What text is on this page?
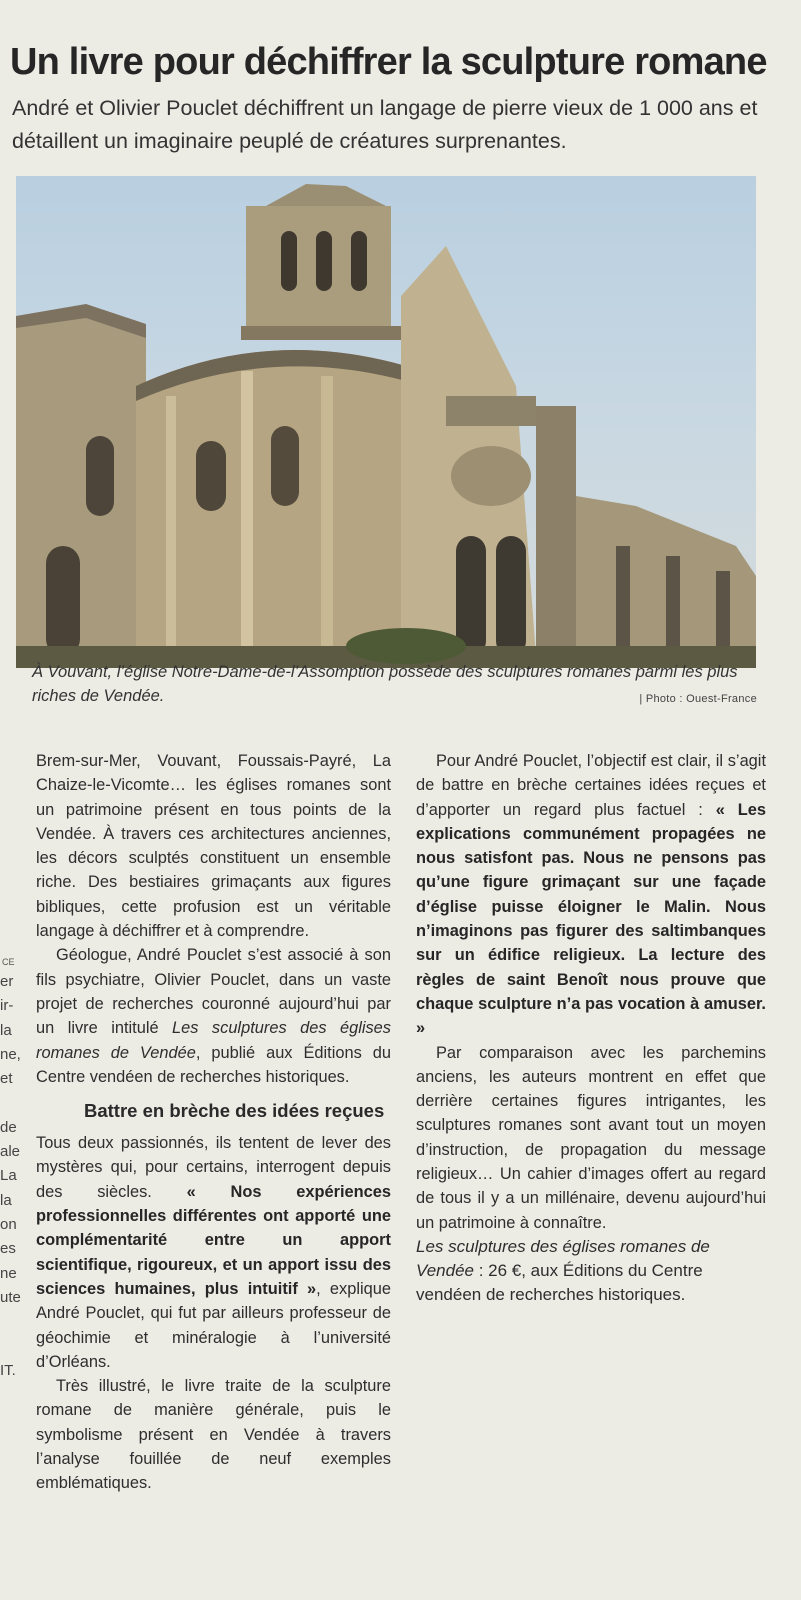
Un livre pour déchiffrer la sculpture romane

André et Olivier Pouclet déchiffrent un langage de pierre vieux de 1 000 ans et détaillent un imaginaire peuplé de créatures surprenantes.

À Vouvant, l’église Notre-Dame-de-l’Assomption possède des sculptures romanes parmi les plus riches de Vendée.	| Photo : Ouest-France
CE
er
ir-
la
ne,
et

de
ale
La
la
on
es
ne
ute

IT.

Brem-sur-Mer, Vouvant, Foussais-Payré, La Chaize-le-Vicomte… les églises romanes sont un patrimoine présent en tous points de la Vendée. À travers ces architectures anciennes, les décors sculptés constituent un ensemble riche. Des bestiaires grimaçants aux figures bibliques, cette profusion est un véritable langage à déchiffrer et à comprendre.

Géologue, André Pouclet s’est associé à son fils psychiatre, Olivier Pouclet, dans un vaste projet de recherches couronné aujourd’hui par un livre intitulé Les sculptures des églises romanes de Vendée, publié aux Éditions du Centre vendéen de recherches historiques.

Battre en brèche des idées reçues

Tous deux passionnés, ils tentent de lever des mystères qui, pour certains, interrogent depuis des siècles. « Nos expériences professionnelles différentes ont apporté une complémentarité entre un apport scientifique, rigoureux, et un apport issu des sciences humaines, plus intuitif », explique André Pouclet, qui fut par ailleurs professeur de géochimie et minéralogie à l’université d’Orléans.

Très illustré, le livre traite de la sculpture romane de manière générale, puis le symbolisme présent en Vendée à travers l’analyse fouillée de neuf exemples emblématiques.

Pour André Pouclet, l’objectif est clair, il s’agit de battre en brèche certaines idées reçues et d’apporter un regard plus factuel : « Les explications communément propagées ne nous satisfont pas. Nous ne pensons pas qu’une figure grimaçant sur une façade d’église puisse éloigner le Malin. Nous n’imaginons pas figurer des saltimbanques sur un édifice religieux. La lecture des règles de saint Benoît nous prouve que chaque sculpture n’a pas vocation à amuser. »

Par comparaison avec les parchemins anciens, les auteurs montrent en effet que derrière certaines figures intrigantes, les sculptures romanes sont avant tout un moyen d’instruction, de propagation du message religieux… Un cahier d’images offert au regard de tous il y a un millénaire, devenu aujourd’hui un patrimoine à connaître.

Les sculptures des églises romanes de Vendée : 26 €, aux Éditions du Centre vendéen de recherches historiques.
